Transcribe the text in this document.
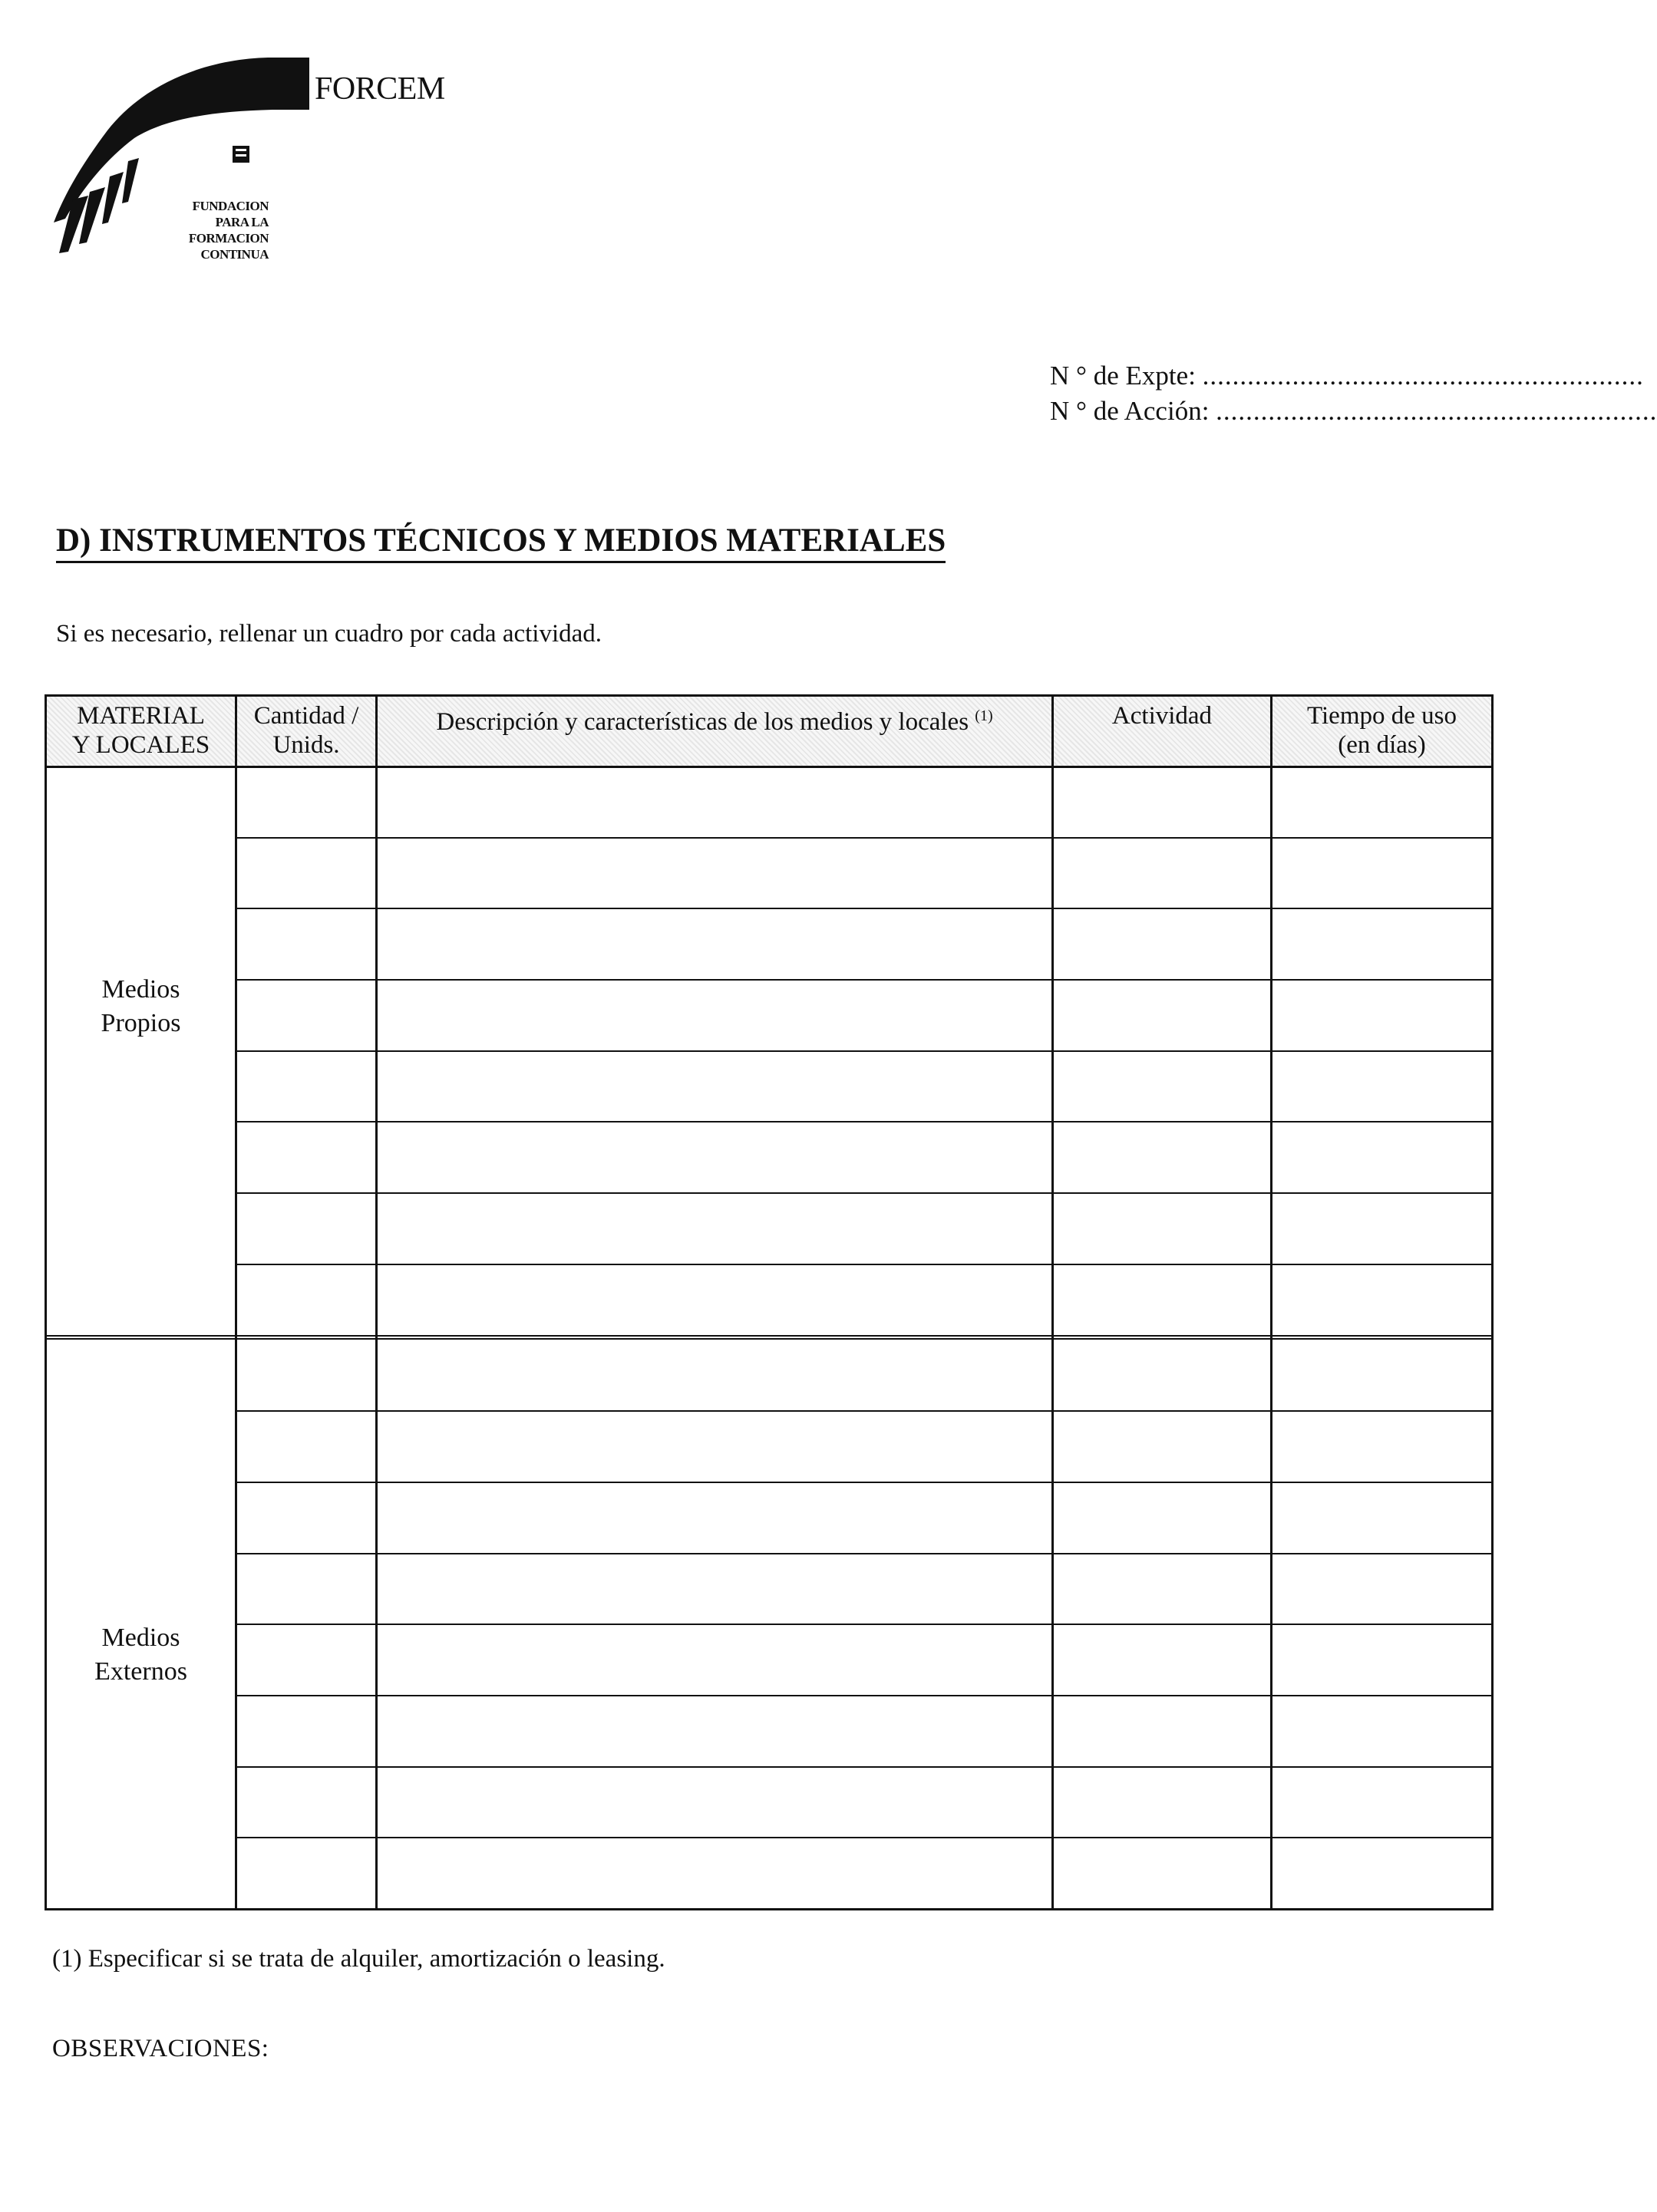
FORCEM
FUNDACION
PARA LA
FORMACION
CONTINUA
N ° de Expte: ...........................................................
N ° de Acción: ...........................................................
D) INSTRUMENTOS TÉCNICOS Y MEDIOS MATERIALES
Si es necesario, rellenar un cuadro por cada actividad.
MATERIAL
Y LOCALES
Cantidad /
Unids.
Descripción y características de los medios y locales $^{(1)}$	Actividad	Tiempo de uso
(en días)
Medios
Propios
Medios
Externos
(1) Especificar si se trata de alquiler, amortización o leasing.
OBSERVACIONES:
